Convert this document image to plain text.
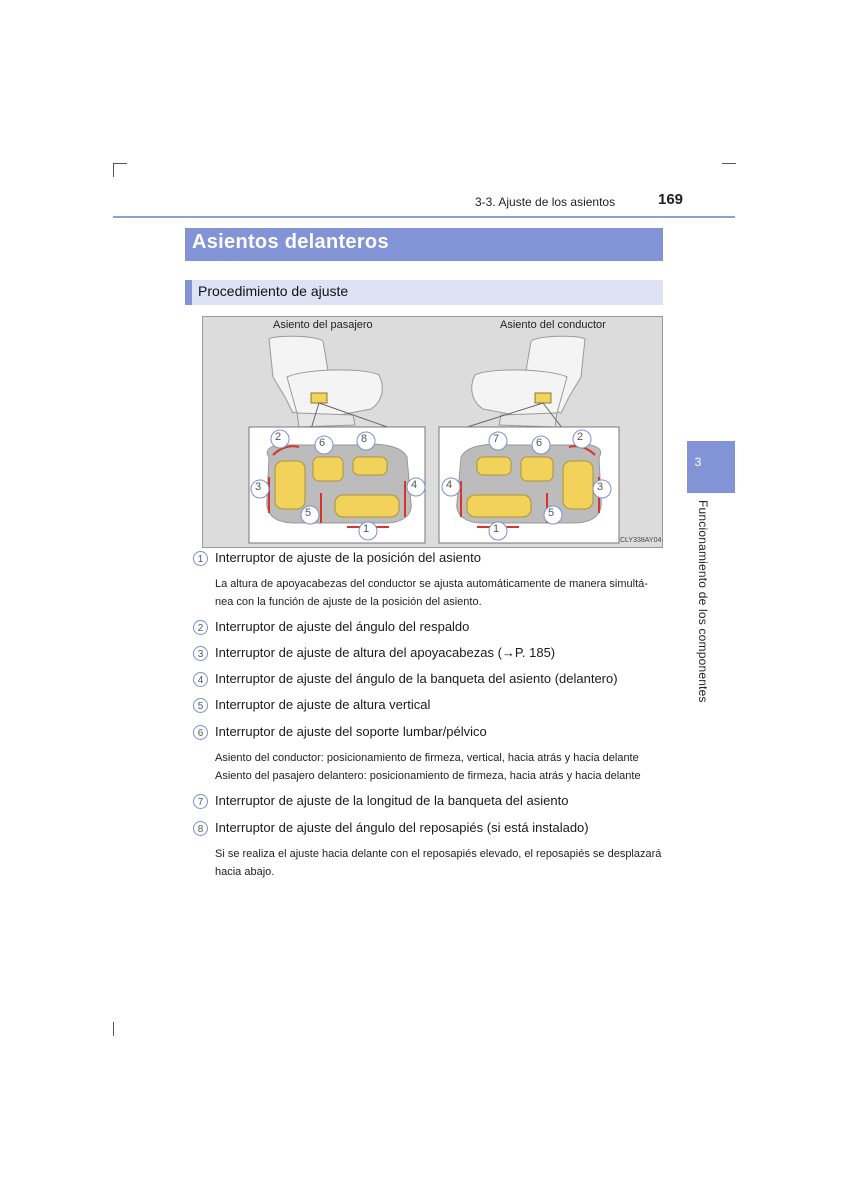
3-3. Ajuste de los asientos	169
Asientos delanteros
Procedimiento de ajuste
3
Funcionamiento de los componentes
Asiento del pasajero	Asiento del conductor
CLY338AY04
2	6	8
3	4
5
1
7	6	2
4	3
5
1
1 Interruptor de ajuste de la posición del asiento
La altura de apoyacabezas del conductor se ajusta automáticamente de manera simultá-
nea con la función de ajuste de la posición del asiento.
2 Interruptor de ajuste del ángulo del respaldo
3 Interruptor de ajuste de altura del apoyacabezas (→P. 185)
4 Interruptor de ajuste del ángulo de la banqueta del asiento (delantero)
5 Interruptor de ajuste de altura vertical
6 Interruptor de ajuste del soporte lumbar/pélvico
Asiento del conductor: posicionamiento de firmeza, vertical, hacia atrás y hacia delante
Asiento del pasajero delantero: posicionamiento de firmeza, hacia atrás y hacia delante
7 Interruptor de ajuste de la longitud de la banqueta del asiento
8 Interruptor de ajuste del ángulo del reposapiés (si está instalado)
Si se realiza el ajuste hacia delante con el reposapiés elevado, el reposapiés se desplazará
hacia abajo.
